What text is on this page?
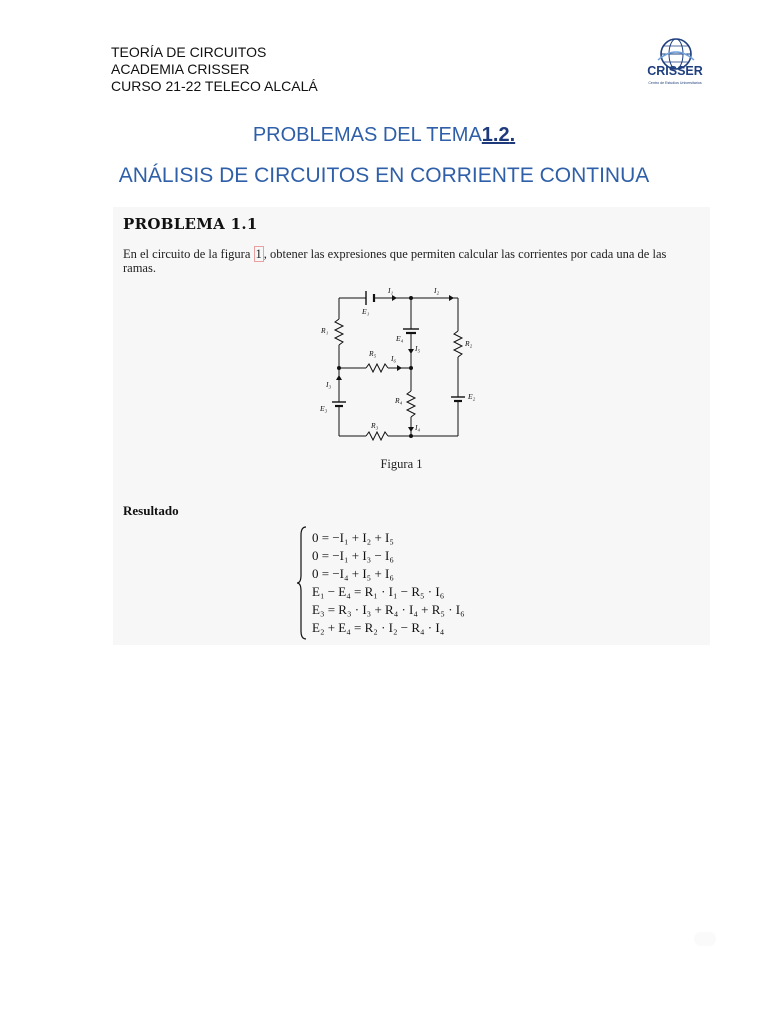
TEORÍA DE CIRCUITOS
ACADEMIA CRISSER
CURSO 21-22 TELECO ALCALÁ
CRISSER
Centro de Estudios Universitarios
PROBLEMAS DEL TEMA1.2.
ANÁLISIS DE CIRCUITOS EN CORRIENTE CONTINUA
PROBLEMA 1.1
En el circuito de la figura 1 , obtener las expresiones que permiten calcular las corrientes por cada una de las ramas.
I₁	I₂
E₁
R₁
E₄
I₅
R₂
R₅
I₆
I₃
E₃
R₄	E₂
R₃	I₄
Figura 1
Resultado
0 = −I₁ + I₂ + I₅
0 = −I₁ + I₃ − I₆
0 = −I₄ + I₅ + I₆
E₁ − E₄ = R₁ · I₁ − R₅ · I₆
E₃ = R₃ · I₃ + R₄ · I₄ + R₅ · I₆
E₂ + E₄ = R₂ · I₂ − R₄ · I₄
